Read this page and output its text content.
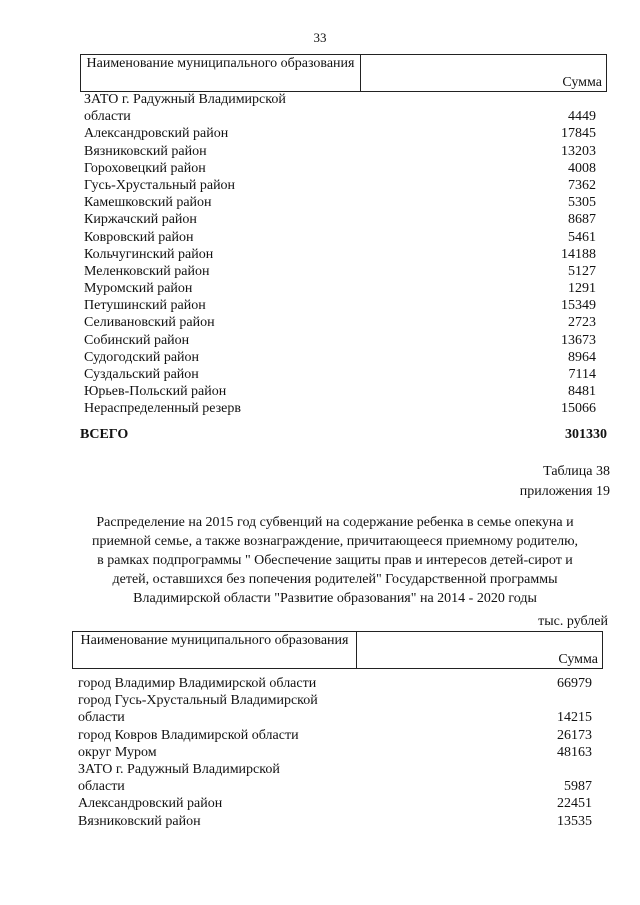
33
Наименование муниципального образования
Сумма
ЗАТО г. Радужный Владимирской
области	4449
Александровский район	17845
Вязниковский район	13203
Гороховецкий район	4008
Гусь-Хрустальный район	7362
Камешковский район	5305
Киржачский район	8687
Ковровский район	5461
Кольчугинский район	14188
Меленковский район	5127
Муромский район	1291
Петушинский район	15349
Селивановский район	2723
Собинский район	13673
Судогодский район	8964
Суздальский район	7114
Юрьев-Польский район	8481
Нераспределенный резерв	15066
ВСЕГО	301330
Таблица 38
приложения 19
Распределение на 2015 год субвенций на содержание ребенка в семье опекуна и
приемной семье, а также вознаграждение, причитающееся приемному родителю,
в рамках подпрограммы " Обеспечение защиты прав и интересов детей-сирот и
детей, оставшихся без попечения родителей" Государственной программы
Владимирской области "Развитие образования" на 2014 - 2020 годы
тыс. рублей
Наименование муниципального образования
Сумма
город Владимир Владимирской области	66979
город Гусь-Хрустальный Владимирской
области	14215
город Ковров Владимирской области	26173
округ Муром	48163
ЗАТО г. Радужный Владимирской
области	5987
Александровский район	22451
Вязниковский район	13535
